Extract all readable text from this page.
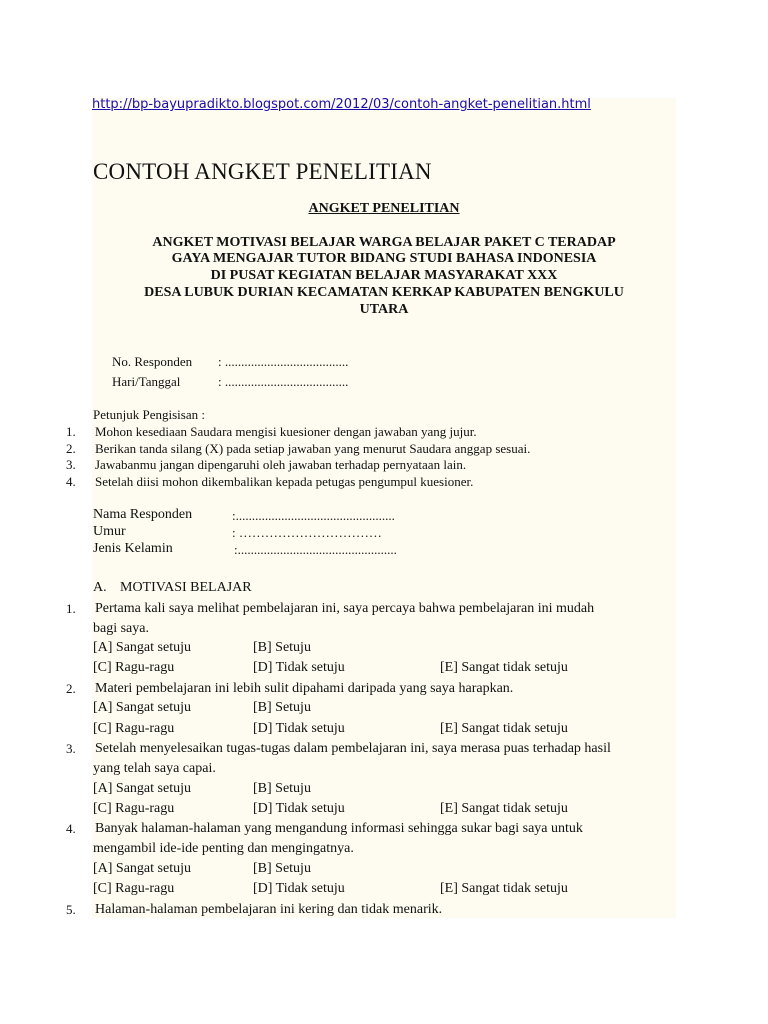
http://bp-bayupradikto.blogspot.com/2012/03/contoh-angket-penelitian.html
CONTOH ANGKET PENELITIAN
ANGKET PENELITIAN
ANGKET MOTIVASI BELAJAR WARGA BELAJAR PAKET C TERADAP
GAYA MENGAJAR TUTOR BIDANG STUDI BAHASA INDONESIA
DI PUSAT KEGIATAN BELAJAR MASYARAKAT XXX
DESA LUBUK DURIAN KECAMATAN KERKAP KABUPATEN BENGKULU
UTARA
No. Responden : ......................................
Hari/Tanggal	: ......................................
Petunjuk Pengisisan :
1. Mohon kesediaan Saudara mengisi kuesioner dengan jawaban yang jujur.
2. Berikan tanda silang (X) pada setiap jawaban yang menurut Saudara anggap sesuai.
3. Jawabanmu jangan dipengaruhi oleh jawaban terhadap pernyataan lain.
4. Setelah diisi mohon dikembalikan kepada petugas pengumpul kuesioner.
Nama Responden	:.................................................
Umur	: ……………………………
Jenis Kelamin	:.................................................
A. MOTIVASI BELAJAR
1. Pertama kali saya melihat pembelajaran ini, saya percaya bahwa pembelajaran ini mudah
bagi saya.
[A] Sangat setuju	[B] Setuju
[C] Ragu-ragu	[D] Tidak setuju	[E] Sangat tidak setuju
2. Materi pembelajaran ini lebih sulit dipahami daripada yang saya harapkan.
[A] Sangat setuju	[B] Setuju
[C] Ragu-ragu	[D] Tidak setuju	[E] Sangat tidak setuju
3. Setelah menyelesaikan tugas-tugas dalam pembelajaran ini, saya merasa puas terhadap hasil
yang telah saya capai.
[A] Sangat setuju	[B] Setuju
[C] Ragu-ragu	[D] Tidak setuju	[E] Sangat tidak setuju
4. Banyak halaman-halaman yang mengandung informasi sehingga sukar bagi saya untuk
mengambil ide-ide penting dan mengingatnya.
[A] Sangat setuju	[B] Setuju
[C] Ragu-ragu	[D] Tidak setuju	[E] Sangat tidak setuju
5. Halaman-halaman pembelajaran ini kering dan tidak menarik.
